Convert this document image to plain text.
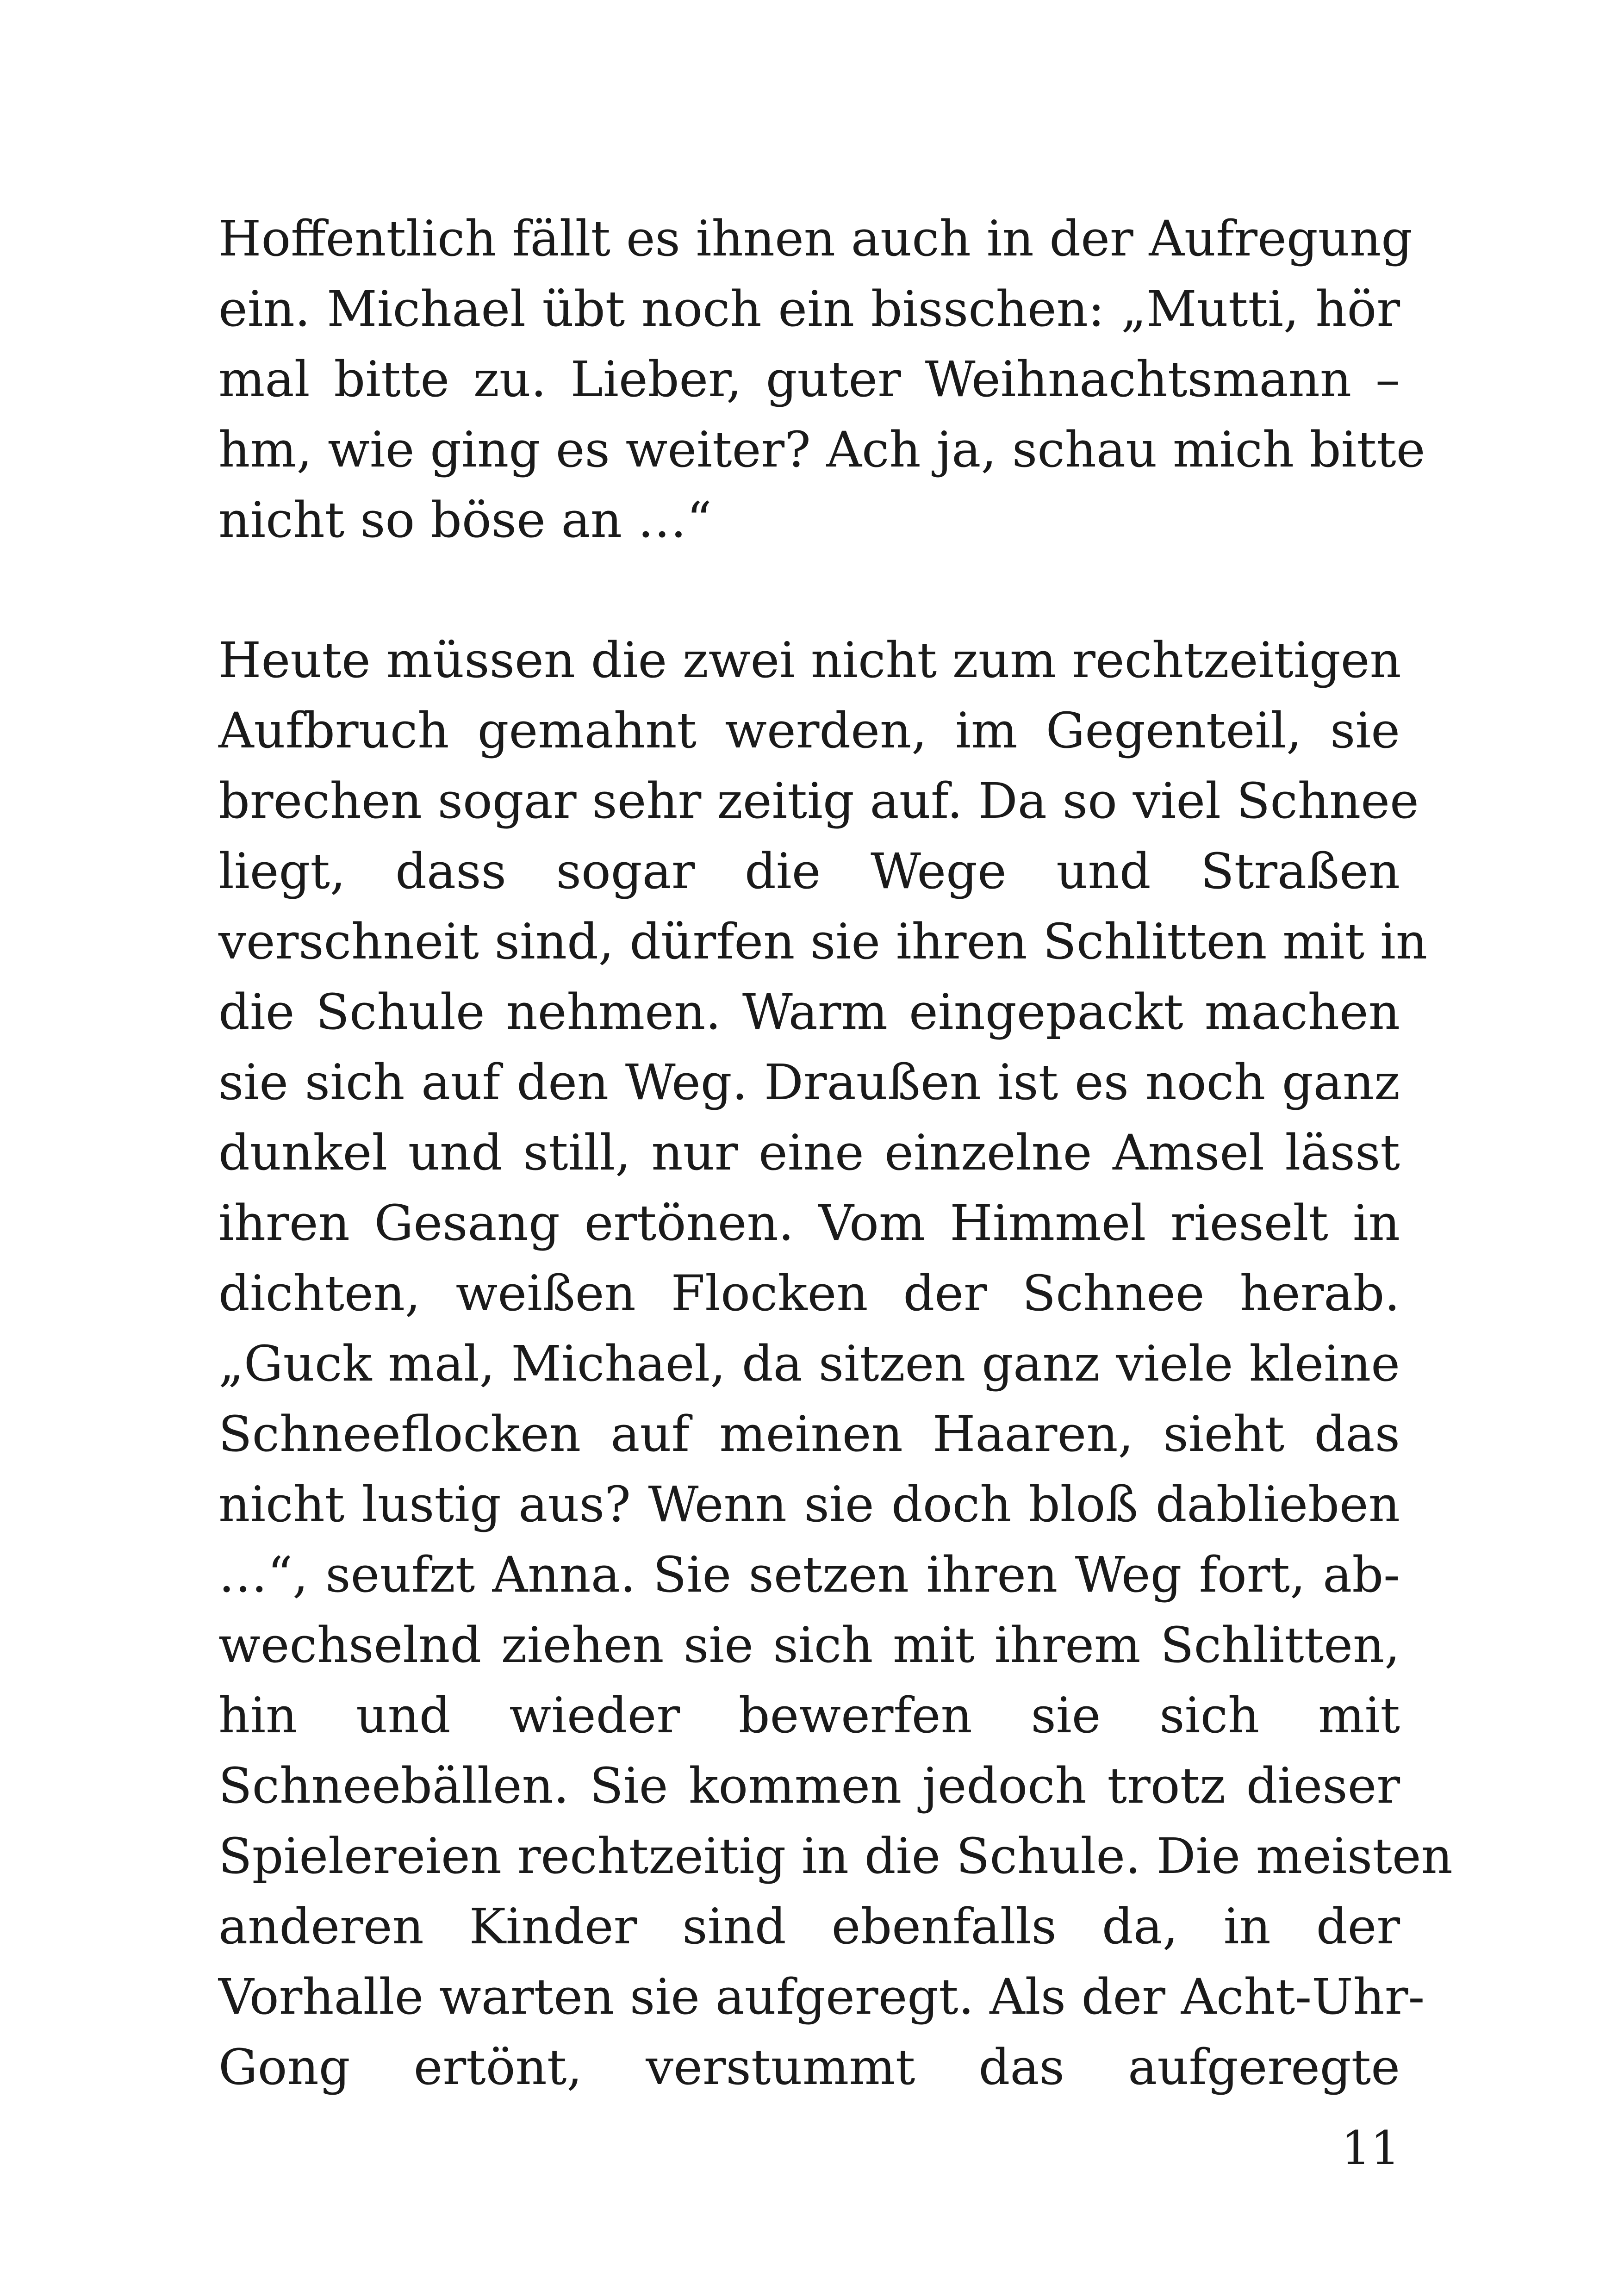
Hoffentlich fällt es ihnen auch in der Aufregung
ein. Michael übt noch ein bisschen: „Mutti, hör
mal bitte zu. Lieber, guter Weihnachtsmann –
hm, wie ging es weiter? Ach ja, schau mich bitte
nicht so böse an …“
Heute müssen die zwei nicht zum rechtzeitigen
Aufbruch gemahnt werden, im Gegenteil, sie
brechen sogar sehr zeitig auf. Da so viel Schnee
liegt, dass sogar die Wege und Straßen
verschneit sind, dürfen sie ihren Schlitten mit in
die Schule nehmen. Warm eingepackt machen
sie sich auf den Weg. Draußen ist es noch ganz
dunkel und still, nur eine einzelne Amsel lässt
ihren Gesang ertönen. Vom Himmel rieselt in
dichten, weißen Flocken der Schnee herab.
„Guck mal, Michael, da sitzen ganz viele kleine
Schneeflocken auf meinen Haaren, sieht das
nicht lustig aus? Wenn sie doch bloß dablieben
…“, seufzt Anna. Sie setzen ihren Weg fort, ab-
wechselnd ziehen sie sich mit ihrem Schlitten,
hin und wieder bewerfen sie sich mit
Schneebällen. Sie kommen jedoch trotz dieser
Spielereien rechtzeitig in die Schule. Die meisten
anderen Kinder sind ebenfalls da, in der
Vorhalle warten sie aufgeregt. Als der Acht-Uhr-
Gong ertönt, verstummt das aufgeregte
11
